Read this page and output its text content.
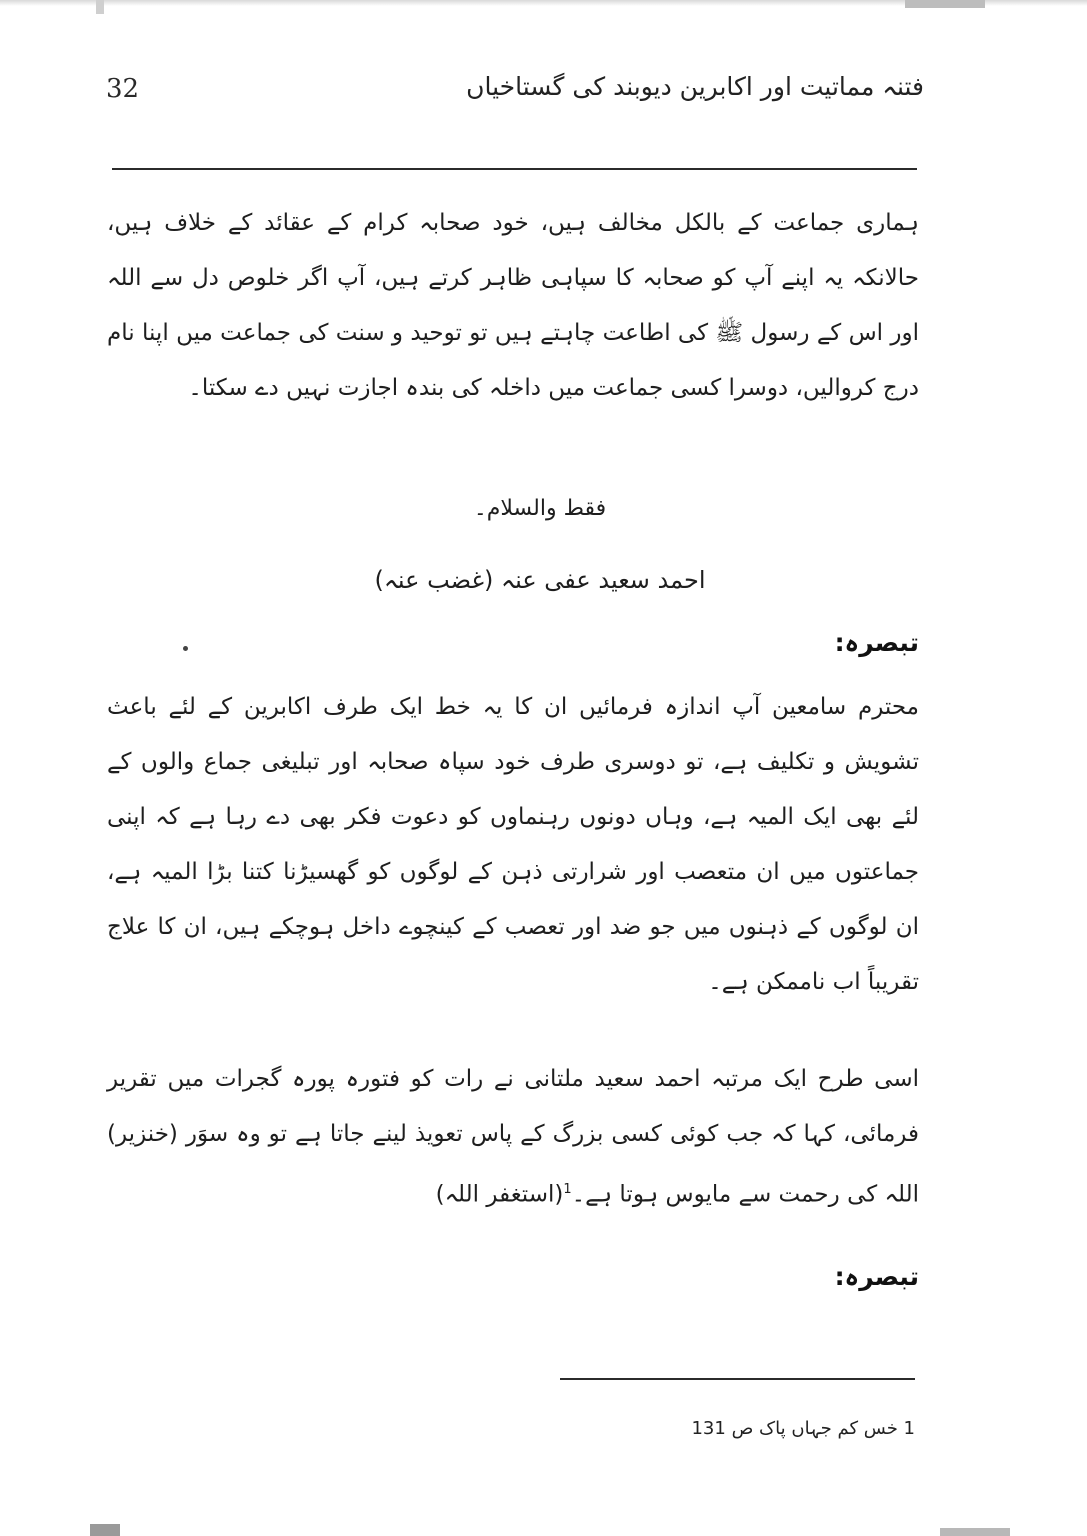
32	فتنہ مماتیت اور اکابرین دیوبند کی گستاخیاں
ہماری جماعت کے بالکل مخالف ہیں، خود صحابہ کرام کے عقائد کے خلاف ہیں، حالانکہ یہ اپنے آپ کو صحابہ کا سپاہی ظاہر کرتے ہیں، آپ اگر خلوص دل سے اللہ اور اس کے رسول ﷺ کی اطاعت چاہتے ہیں تو توحید و سنت کی جماعت میں اپنا نام درج کروالیں، دوسرا کسی جماعت میں داخلہ کی بندہ اجازت نہیں دے سکتا۔
فقط والسلام۔
احمد سعید عفی عنہ (غضب عنہ)
تبصرہ:
محترم سامعین آپ اندازہ فرمائیں ان کا یہ خط ایک طرف اکابرین کے لئے باعث تشویش و تکلیف ہے، تو دوسری طرف خود سپاہ صحابہ اور تبلیغی جماع والوں کے لئے بھی ایک المیہ ہے، وہاں دونوں رہنماوں کو دعوت فکر بھی دے رہا ہے کہ اپنی جماعتوں میں ان متعصب اور شرارتی ذہن کے لوگوں کو گھسیڑنا کتنا بڑا المیہ ہے، ان لوگوں کے ذہنوں میں جو ضد اور تعصب کے کینچوے داخل ہوچکے ہیں، ان کا علاج تقریباً اب ناممکن ہے۔
اسی طرح ایک مرتبہ احمد سعید ملتانی نے رات کو فتورہ پورہ گجرات میں تقریر فرمائی، کہا کہ جب کوئی کسی بزرگ کے پاس تعویذ لینے جاتا ہے تو وہ سوَر (خنزیر) اللہ کی رحمت سے مایوس ہوتا ہے۔$^1$(استغفر اللہ)
تبصرہ:
1 خس کم جہاں پاک ص 131
